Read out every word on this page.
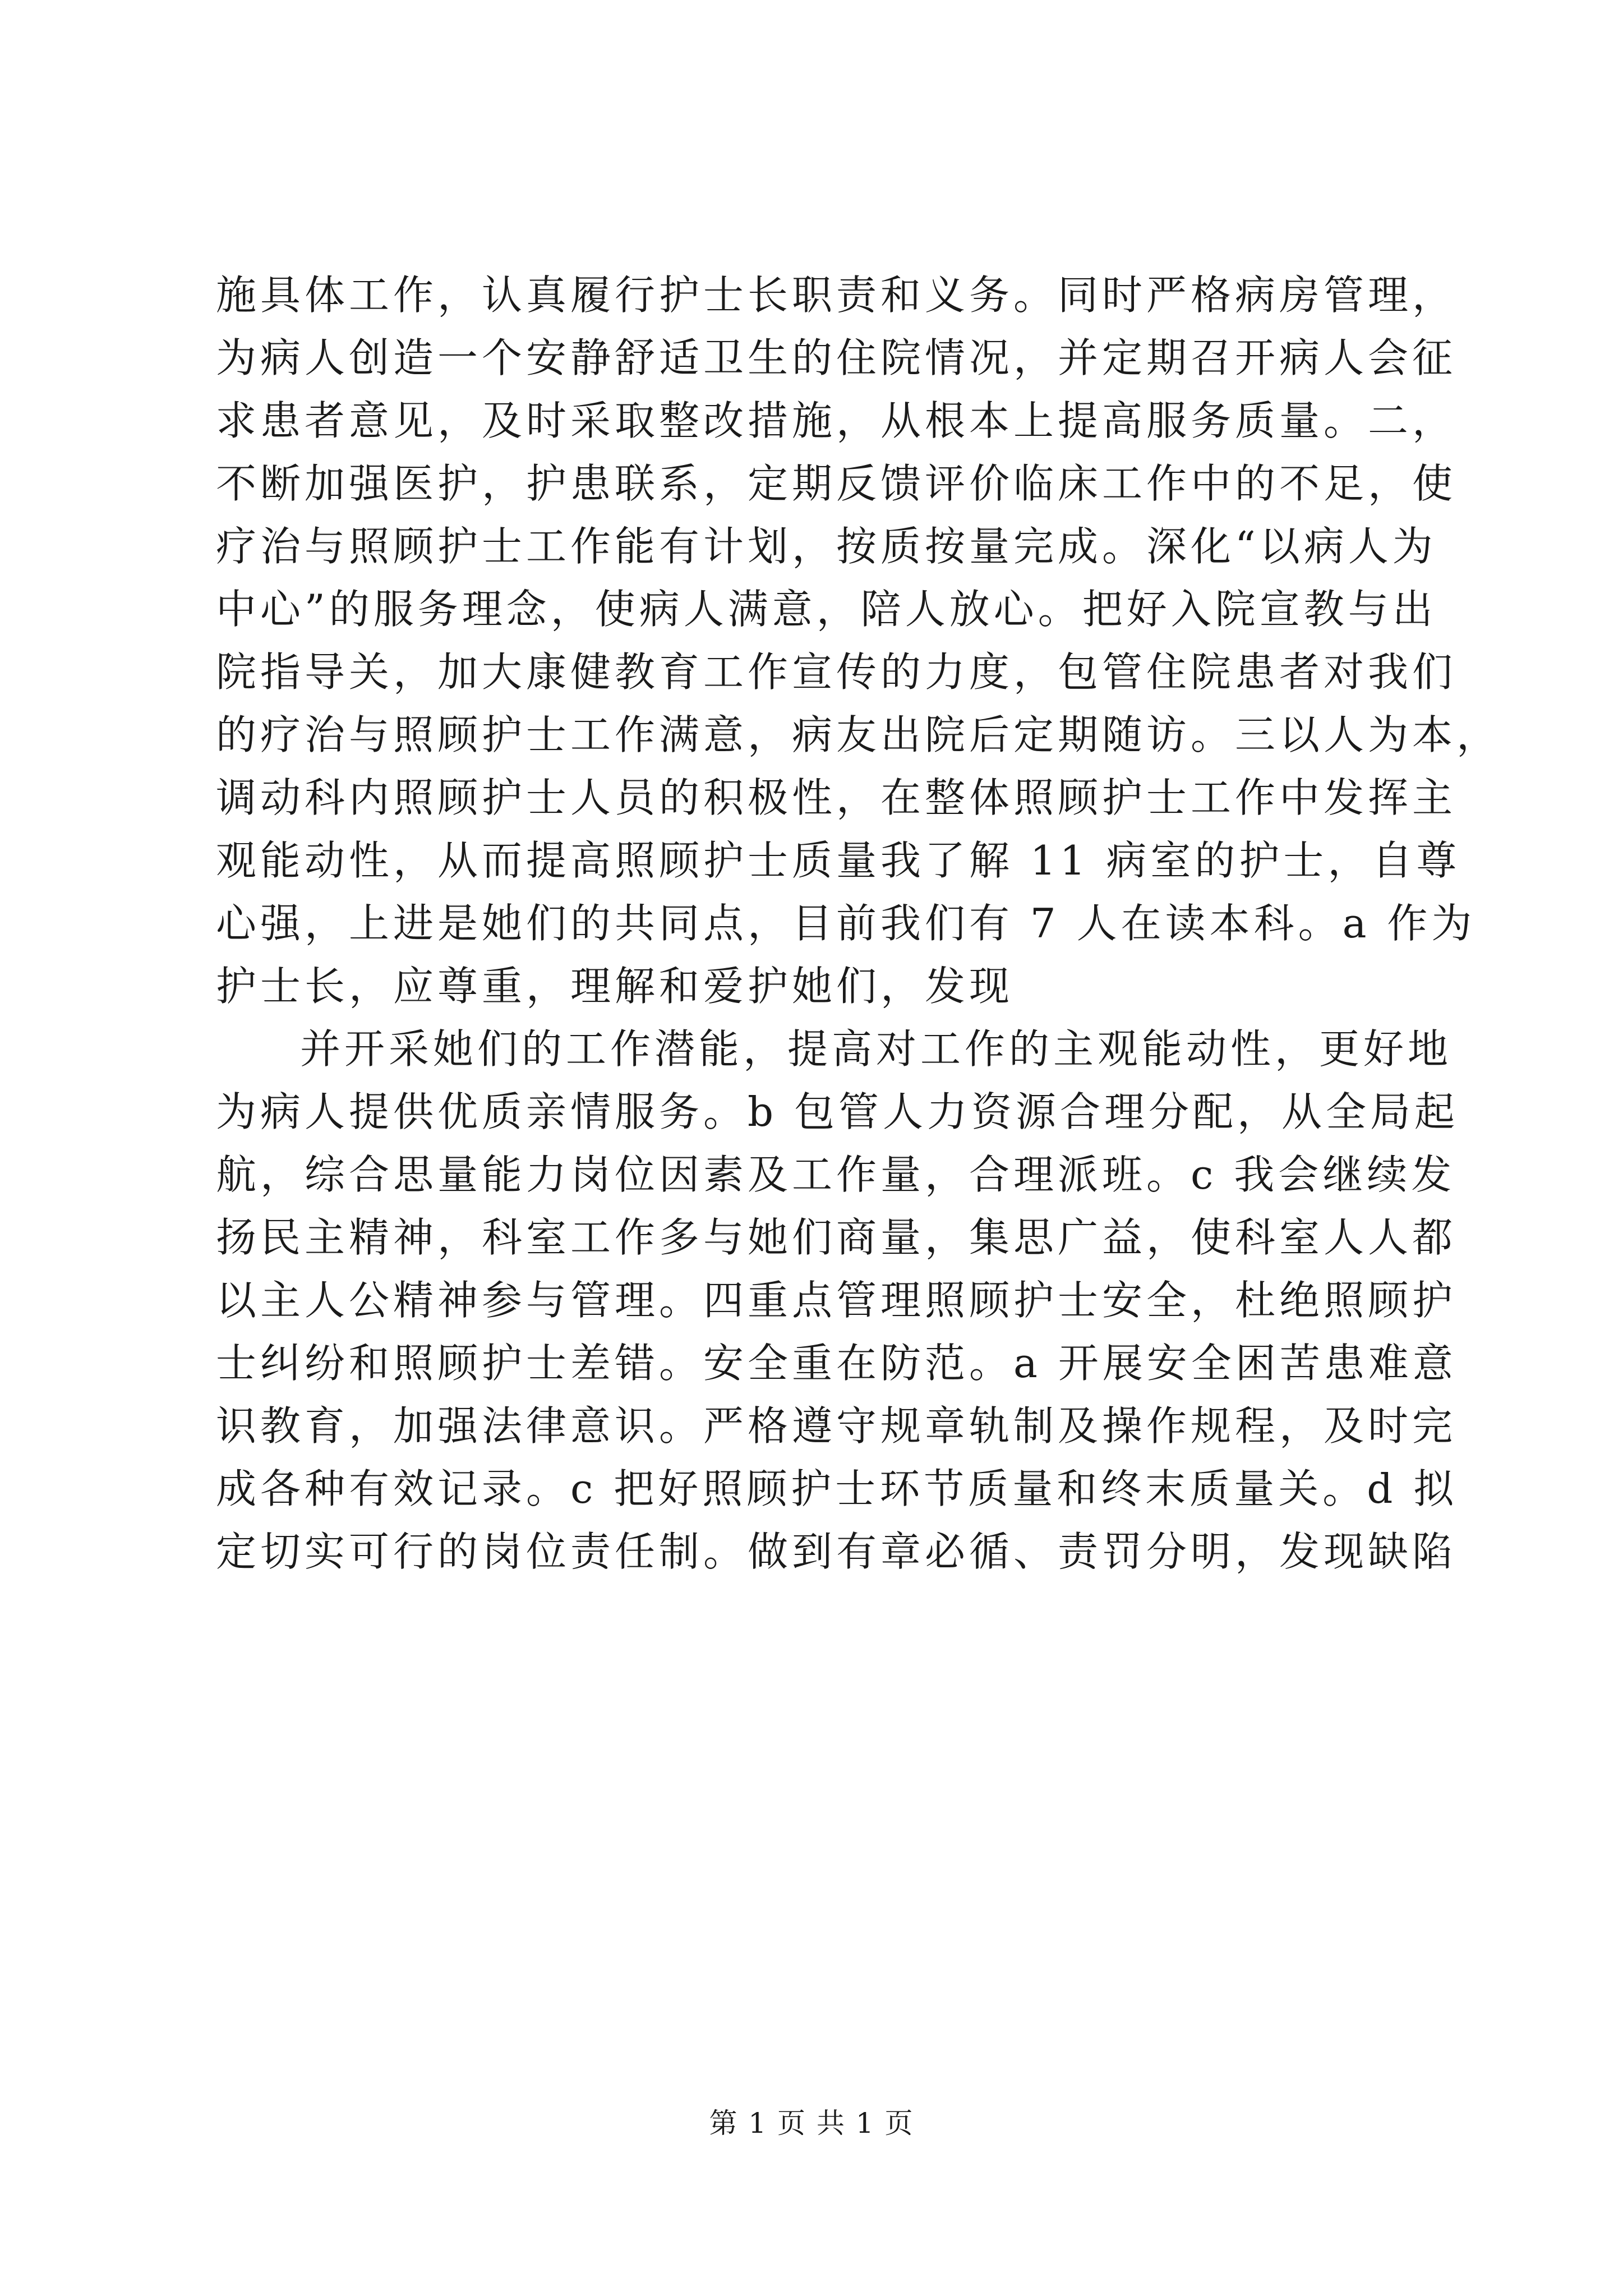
施具体工作，认真履行护士长职责和义务。同时严格病房管理，
为病人创造一个安静舒适卫生的住院情况，并定期召开病人会征
求患者意见，及时采取整改措施，从根本上提高服务质量。二，
不断加强医护，护患联系，定期反馈评价临床工作中的不足，使
疗治与照顾护士工作能有计划，按质按量完成。深化“以病人为
中心”的服务理念，使病人满意，陪人放心。把好入院宣教与出
院指导关，加大康健教育工作宣传的力度，包管住院患者对我们
的疗治与照顾护士工作满意，病友出院后定期随访。三以人为本，
调动科内照顾护士人员的积极性，在整体照顾护士工作中发挥主
观能动性，从而提高照顾护士质量我了解 11 病室的护士，自尊
心强，上进是她们的共同点，目前我们有 7 人在读本科。a 作为
护士长，应尊重，理解和爱护她们，发现

并开采她们的工作潜能，提高对工作的主观能动性，更好地
为病人提供优质亲情服务。b 包管人力资源合理分配，从全局起
航，综合思量能力岗位因素及工作量，合理派班。c 我会继续发
扬民主精神，科室工作多与她们商量，集思广益，使科室人人都
以主人公精神参与管理。四重点管理照顾护士安全，杜绝照顾护
士纠纷和照顾护士差错。安全重在防范。a 开展安全困苦患难意
识教育，加强法律意识。严格遵守规章轨制及操作规程，及时完
成各种有效记录。c 把好照顾护士环节质量和终末质量关。d 拟
定切实可行的岗位责任制。做到有章必循、责罚分明，发现缺陷

第 1 页 共 1 页
